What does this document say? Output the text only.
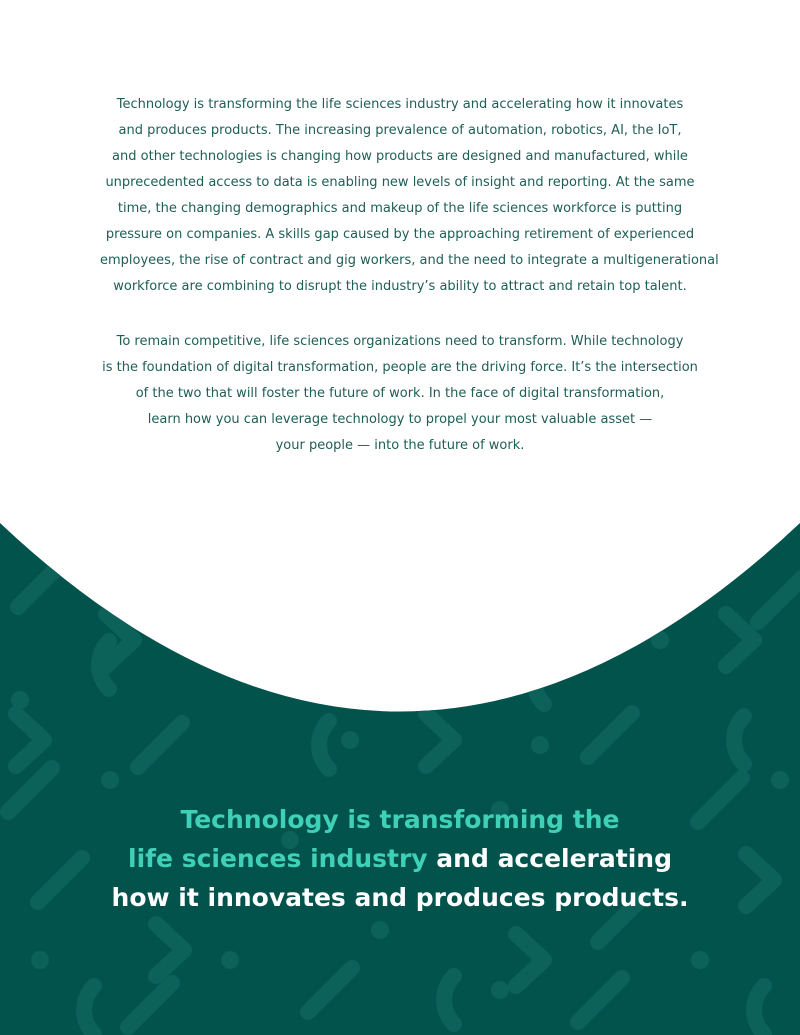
Technology is transforming the life sciences industry and accelerating how it innovates
and produces products. The increasing prevalence of automation, robotics, AI, the IoT,
and other technologies is changing how products are designed and manufactured, while
unprecedented access to data is enabling new levels of insight and reporting. At the same
time, the changing demographics and makeup of the life sciences workforce is putting
pressure on companies. A skills gap caused by the approaching retirement of experienced
employees, the rise of contract and gig workers, and the need to integrate a multigenerational
workforce are combining to disrupt the industry’s ability to attract and retain top talent.

To remain competitive, life sciences organizations need to transform. While technology
is the foundation of digital transformation, people are the driving force. It’s the intersection
of the two that will foster the future of work. In the face of digital transformation,
learn how you can leverage technology to propel your most valuable asset —
your people — into the future of work.

Technology is transforming the
life sciences industry and accelerating
how it innovates and produces products.
